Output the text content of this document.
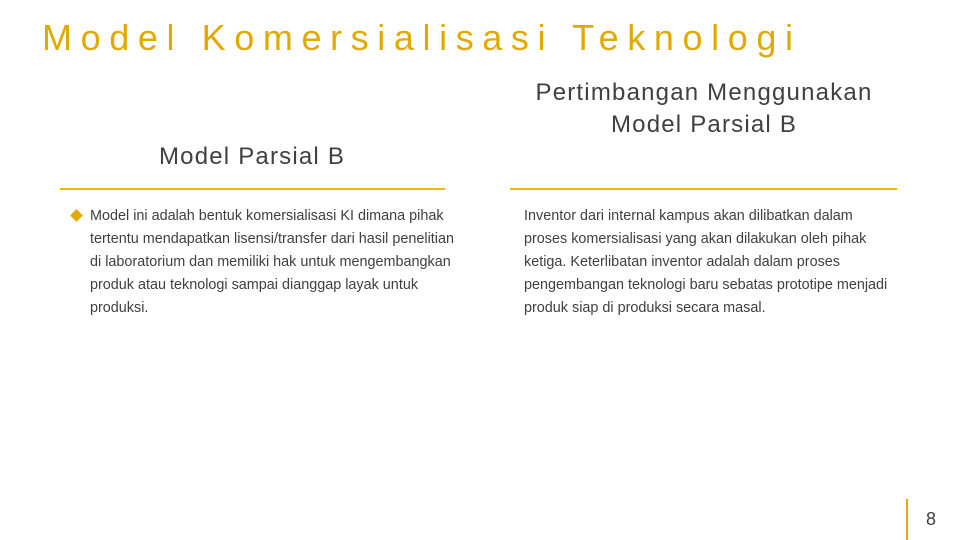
Model Komersialisasi Teknologi
Model Parsial B

Model ini adalah bentuk komersialisasi KI dimana pihak tertentu mendapatkan lisensi/transfer dari hasil penelitian di laboratorium dan memiliki hak untuk mengembangkan produk atau teknologi sampai dianggap layak untuk produksi.

Pertimbangan Menggunakan Model Parsial B

Inventor dari internal kampus akan dilibatkan dalam proses komersialisasi yang akan dilakukan oleh pihak ketiga. Keterlibatan inventor adalah dalam proses pengembangan teknologi baru sebatas prototipe menjadi produk siap di produksi secara masal.

8
